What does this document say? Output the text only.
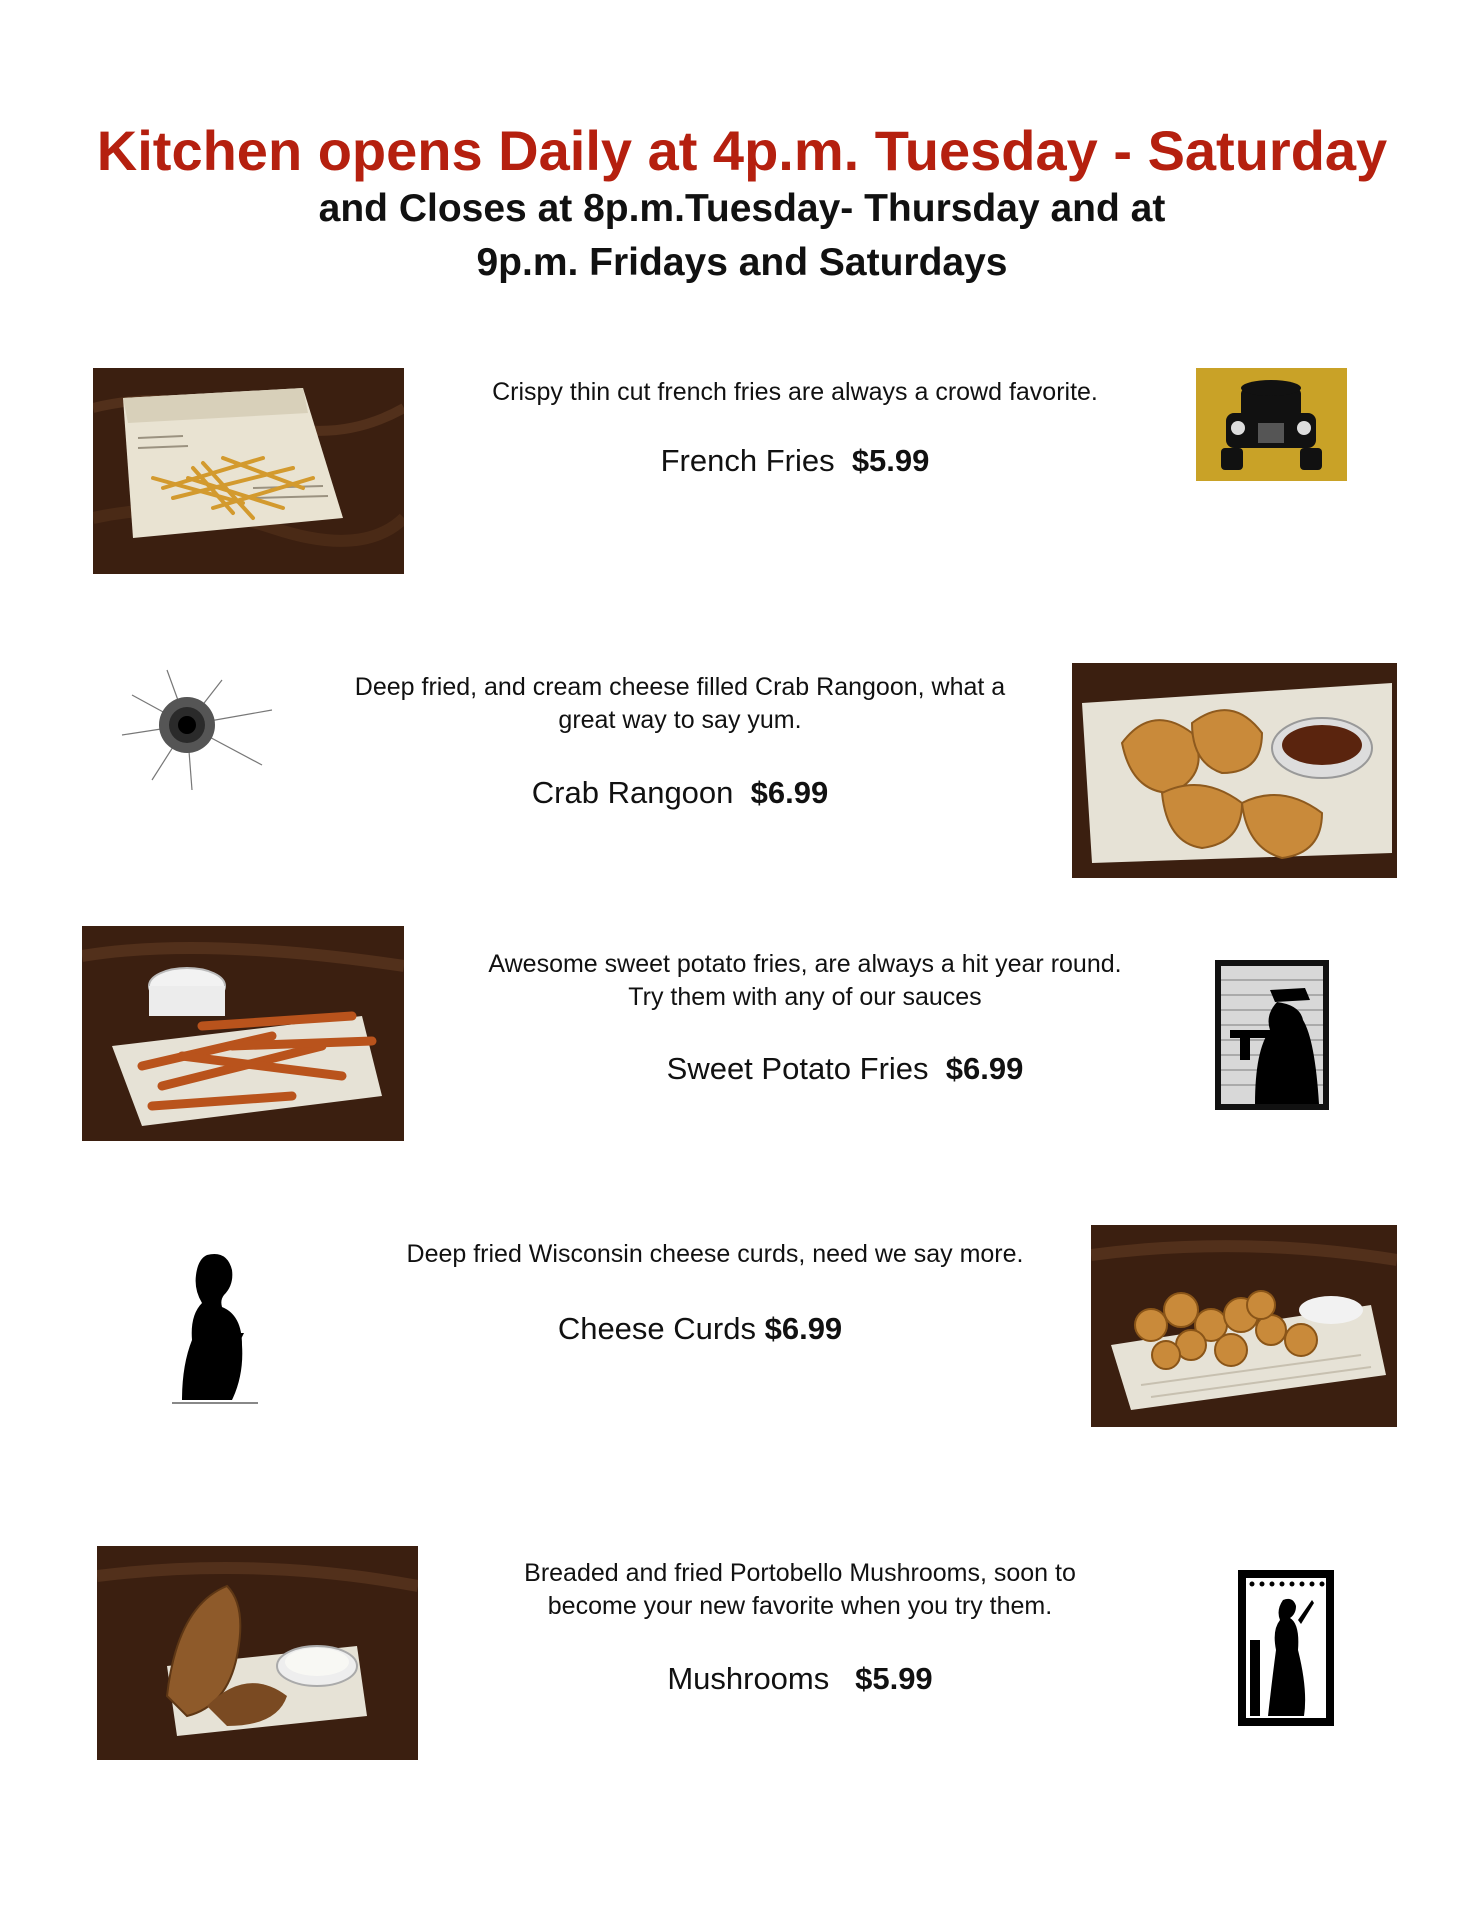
Kitchen opens Daily at 4p.m. Tuesday - Saturday
and Closes at 8p.m.Tuesday- Thursday and at
9p.m. Fridays and Saturdays
Crispy thin cut french fries are always a crowd favorite.
French Fries $5.99
Deep fried, and cream cheese filled Crab Rangoon, what a
great way to say yum.
Crab Rangoon $6.99
Awesome sweet potato fries, are always a hit year round.
Try them with any of our sauces
Sweet Potato Fries $6.99
Deep fried Wisconsin cheese curds, need we say more.
Cheese Curds $6.99
Breaded and fried Portobello Mushrooms, soon to
become your new favorite when you try them.
Mushrooms $5.99
